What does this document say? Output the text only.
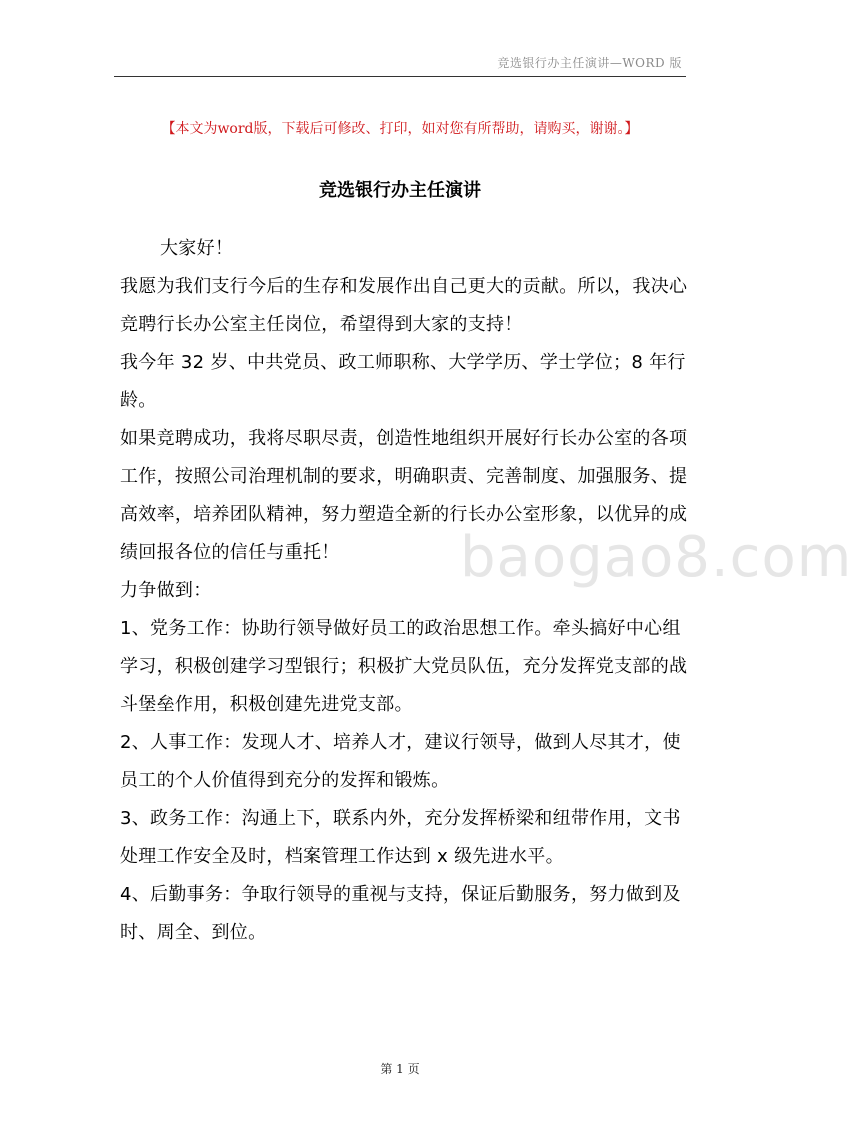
竞选银行办主任演讲—WORD 版
【本文为word版，下载后可修改、打印，如对您有所帮助，请购买，谢谢。】
竞选银行办主任演讲
baogao8.com

大家好！

我愿为我们支行今后的生存和发展作出自己更大的贡献。所以，我决心竞聘行长办公室主任岗位，希望得到大家的支持！

我今年 32 岁、中共党员、政工师职称、大学学历、学士学位；8 年行龄。

如果竞聘成功，我将尽职尽责，创造性地组织开展好行长办公室的各项工作，按照公司治理机制的要求，明确职责、完善制度、加强服务、提高效率，培养团队精神，努力塑造全新的行长办公室形象，以优异的成绩回报各位的信任与重托！

力争做到：

1、党务工作：协助行领导做好员工的政治思想工作。牵头搞好中心组学习，积极创建学习型银行；积极扩大党员队伍，充分发挥党支部的战斗堡垒作用，积极创建先进党支部。

2、人事工作：发现人才、培养人才，建议行领导，做到人尽其才，使员工的个人价值得到充分的发挥和锻炼。

3、政务工作：沟通上下，联系内外，充分发挥桥梁和纽带作用，文书处理工作安全及时，档案管理工作达到 x 级先进水平。

4、后勤事务：争取行领导的重视与支持，保证后勤服务，努力做到及时、周全、到位。

第 1 页
